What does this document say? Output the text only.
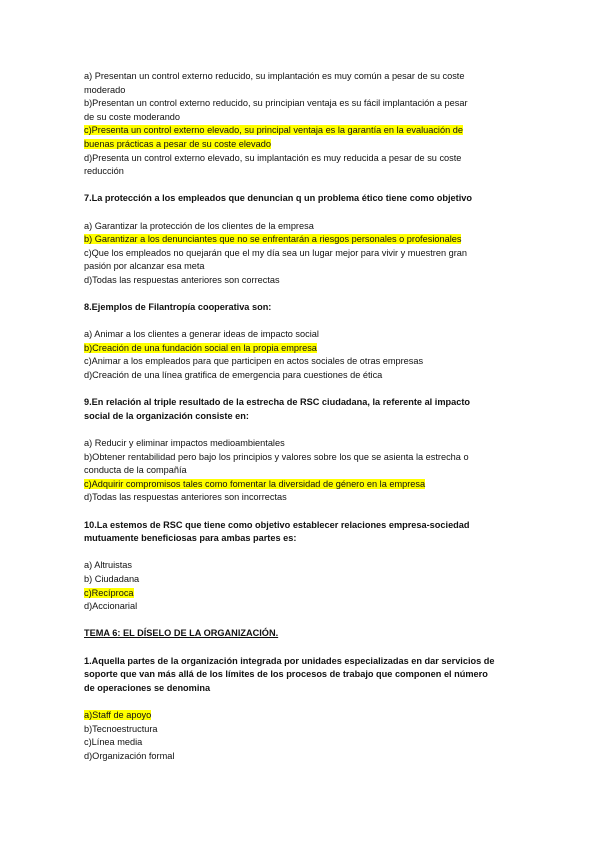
a) Presentan un control externo reducido, su implantación es muy común a pesar de su coste
moderado
b)Presentan un control externo reducido, su principian ventaja es su fácil implantación a pesar
de su coste moderando
c)Presenta un control externo elevado, su principal ventaja es la garantía en la evaluación de
buenas prácticas a pesar de su coste elevado
d)Presenta un control externo elevado, su implantación es muy reducida a pesar de su coste
reducción
7.La protección a los empleados que denuncian q un problema ético tiene como objetivo
a) Garantizar la protección de los clientes de la empresa
b) Garantizar a los denunciantes que no se enfrentarán a riesgos personales o profesionales
c)Que los empleados no quejarán que el my día sea un lugar mejor para vivir y muestren gran
pasión por alcanzar esa meta
d)Todas las respuestas anteriores son correctas
8.Ejemplos de Filantropía cooperativa son:
a) Animar a los clientes a generar ideas de impacto social
b)Creación de una fundación social en la propia empresa
c)Animar a los empleados para que participen en actos sociales de otras empresas
d)Creación de una línea gratifica de emergencia para cuestiones de ética
9.En relación al triple resultado de la estrecha de RSC ciudadana, la referente al impacto
social de la organización consiste en:
a) Reducir y eliminar impactos medioambientales
b)Obtener rentabilidad pero bajo los principios y valores sobre los que se asienta la estrecha o
conducta de la compañía
c)Adquirir compromisos tales como fomentar la diversidad de género en la empresa
d)Todas las respuestas anteriores son incorrectas
10.La estemos de RSC que tiene como objetivo establecer relaciones empresa-sociedad
mutuamente beneficiosas para ambas partes es:
a) Altruistas
b) Ciudadana
c)Recíproca
d)Accionarial
TEMA 6: EL DÍSELO DE LA ORGANIZACIÓN.
1.Aquella partes de la organización integrada por unidades especializadas en dar servicios de
soporte que van más allá de los límites de los procesos de trabajo que componen el número
de operaciones se denomina
a)Staff de apoyo
b)Tecnoestructura
c)Línea media
d)Organización formal
